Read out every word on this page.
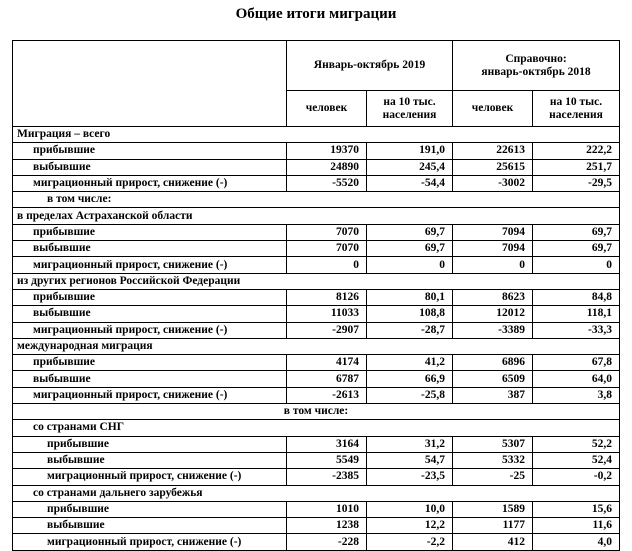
Общие итоги миграции
	Январь-октябрь 2019		Справочно:
январь-октябрь 2018	
	человек	на 10 тыс.
населения	человек	на 10 тыс.
населения
Миграция – всего				
прибывшие	19370	191,0	22613	222,2
выбывшие	24890	245,4	25615	251,7
миграционный прирост, снижение (-)	-5520	-54,4	-3002	-29,5
в том числе:				
в пределах Астраханской области				
прибывшие	7070	69,7	7094	69,7
выбывшие	7070	69,7	7094	69,7
миграционный прирост, снижение (-)	0	0	0	0
из других регионов Российской Федерации				
прибывшие	8126	80,1	8623	84,8
выбывшие	11033	108,8	12012	118,1
миграционный прирост, снижение (-)	-2907	-28,7	-3389	-33,3
международная миграция				
прибывшие	4174	41,2	6896	67,8
выбывшие	6787	66,9	6509	64,0
миграционный прирост, снижение (-)	-2613	-25,8	387	3,8
в том числе:				
со странами СНГ				
прибывшие	3164	31,2	5307	52,2
выбывшие	5549	54,7	5332	52,4
миграционный прирост, снижение (-)	-2385	-23,5	-25	-0,2
со странами дальнего зарубежья				
прибывшие	1010	10,0	1589	15,6
выбывшие	1238	12,2	1177	11,6
миграционный прирост, снижение (-)	-228	-2,2	412	4,0
